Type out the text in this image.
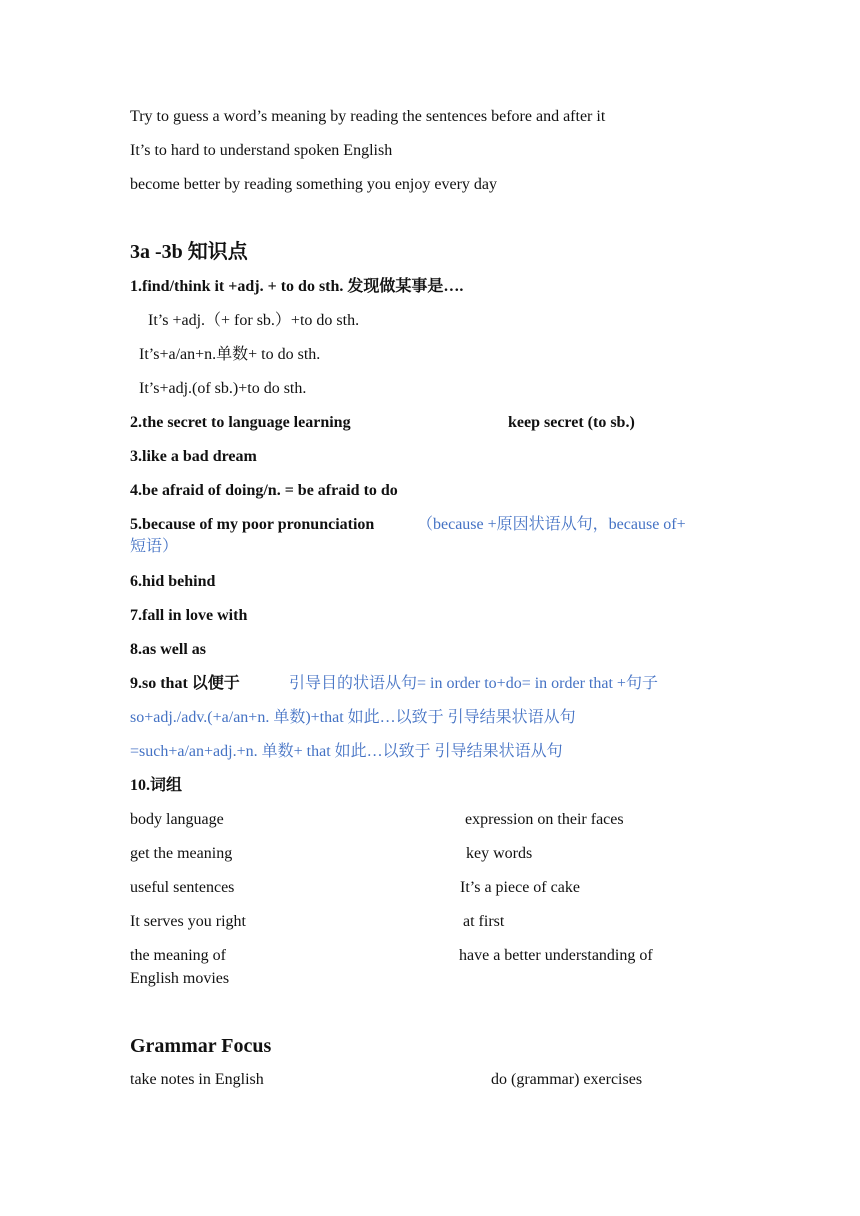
Try to guess a word’s meaning by reading the sentences before and after it
It’s to hard to understand spoken English
become better by reading something you enjoy every day
3a -3b 知识点
1.find/think it +adj. + to do sth. 发现做某事是….
It’s +adj.（+ for sb.）+to do sth.
It’s+a/an+n.单数+ to do sth.
It’s+adj.(of sb.)+to do sth.
2.the secret to language learning	keep secret (to sb.)
3.like a bad dream
4.be afraid of doing/n. = be afraid to do
5.because of my poor pronunciation	（because +原因状语从句，because of+
短语）
6.hid behind
7.fall in love with
8.as well as
9.so that 以便于	引导目的状语从句= in order to+do= in order that +句子
so+adj./adv.(+a/an+n. 单数)+that 如此…以致于 引导结果状语从句
=such+a/an+adj.+n. 单数+ that 如此…以致于 引导结果状语从句
10.词组
body language	expression on their faces
get the meaning	key words
useful sentences	It’s a piece of cake
It serves you right	at first
the meaning of	have a better understanding of
English movies
Grammar Focus
take notes in English	do (grammar) exercises
